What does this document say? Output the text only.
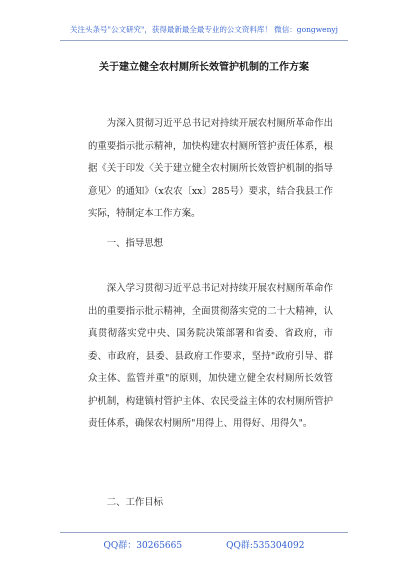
关注头条号"公文研究"，获得最新最全最专业的公文资料库！ 微信：gongwenyj
关于建立健全农村厕所长效管护机制的工作方案

为深入贯彻习近平总书记对持续开展农村厕所革命作出的重要指示批示精神，加快构建农村厕所管护责任体系，根据《关于印发〈关于建立健全农村厕所长效管护机制的指导意见〉的通知》（x农农〔xx〕285号）要求，结合我县工作实际，特制定本工作方案。

一、指导思想

深入学习贯彻习近平总书记对持续开展农村厕所革命作出的重要指示批示精神，全面贯彻落实党的二十大精神，认真贯彻落实党中央、国务院决策部署和省委、省政府，市委、市政府，县委、县政府工作要求，坚持"政府引导、群众主体、监管并重"的原则，加快建立健全农村厕所长效管护机制，构建镇村管护主体、农民受益主体的农村厕所管护责任体系，确保农村厕所"用得上、用得好、用得久"。

二、工作目标

QQ群：30265665	QQ群:535304092
